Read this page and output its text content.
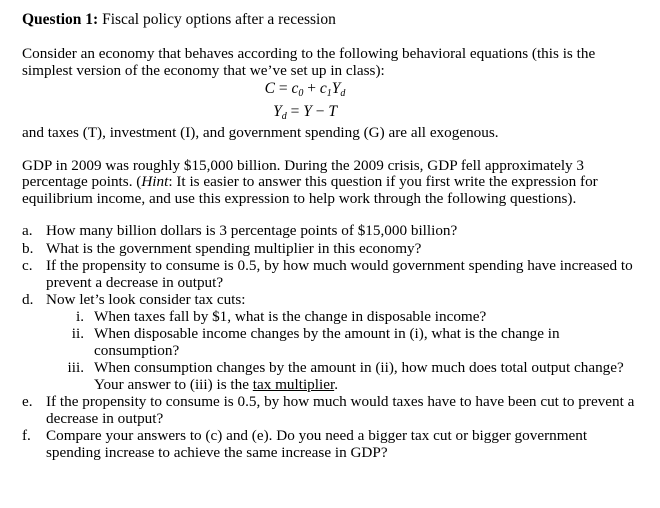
Question 1: Fiscal policy options after a recession

Consider an economy that behaves according to the following behavioral equations (this is the simplest version of the economy that we’ve set up in class):

$C = c_0 + c_1Y_d$
$Y_d = Y - T$

and taxes (T), investment (I), and government spending (G) are all exogenous.

GDP in 2009 was roughly $15,000 billion. During the 2009 crisis, GDP fell approximately 3 percentage points. (Hint: It is easier to answer this question if you first write the expression for equilibrium income, and use this expression to help work through the following questions).

a. How many billion dollars is 3 percentage points of $15,000 billion?
b. What is the government spending multiplier in this economy?
c. If the propensity to consume is 0.5, by how much would government spending have increased to prevent a decrease in output?
d. Now let’s look consider tax cuts:
i. When taxes fall by $1, what is the change in disposable income?
ii. When disposable income changes by the amount in (i), what is the change in consumption?
iii. When consumption changes by the amount in (ii), how much does total output change? Your answer to (iii) is the tax multiplier.
e. If the propensity to consume is 0.5, by how much would taxes have to have been cut to prevent a decrease in output?
f. Compare your answers to (c) and (e). Do you need a bigger tax cut or bigger government spending increase to achieve the same increase in GDP?
